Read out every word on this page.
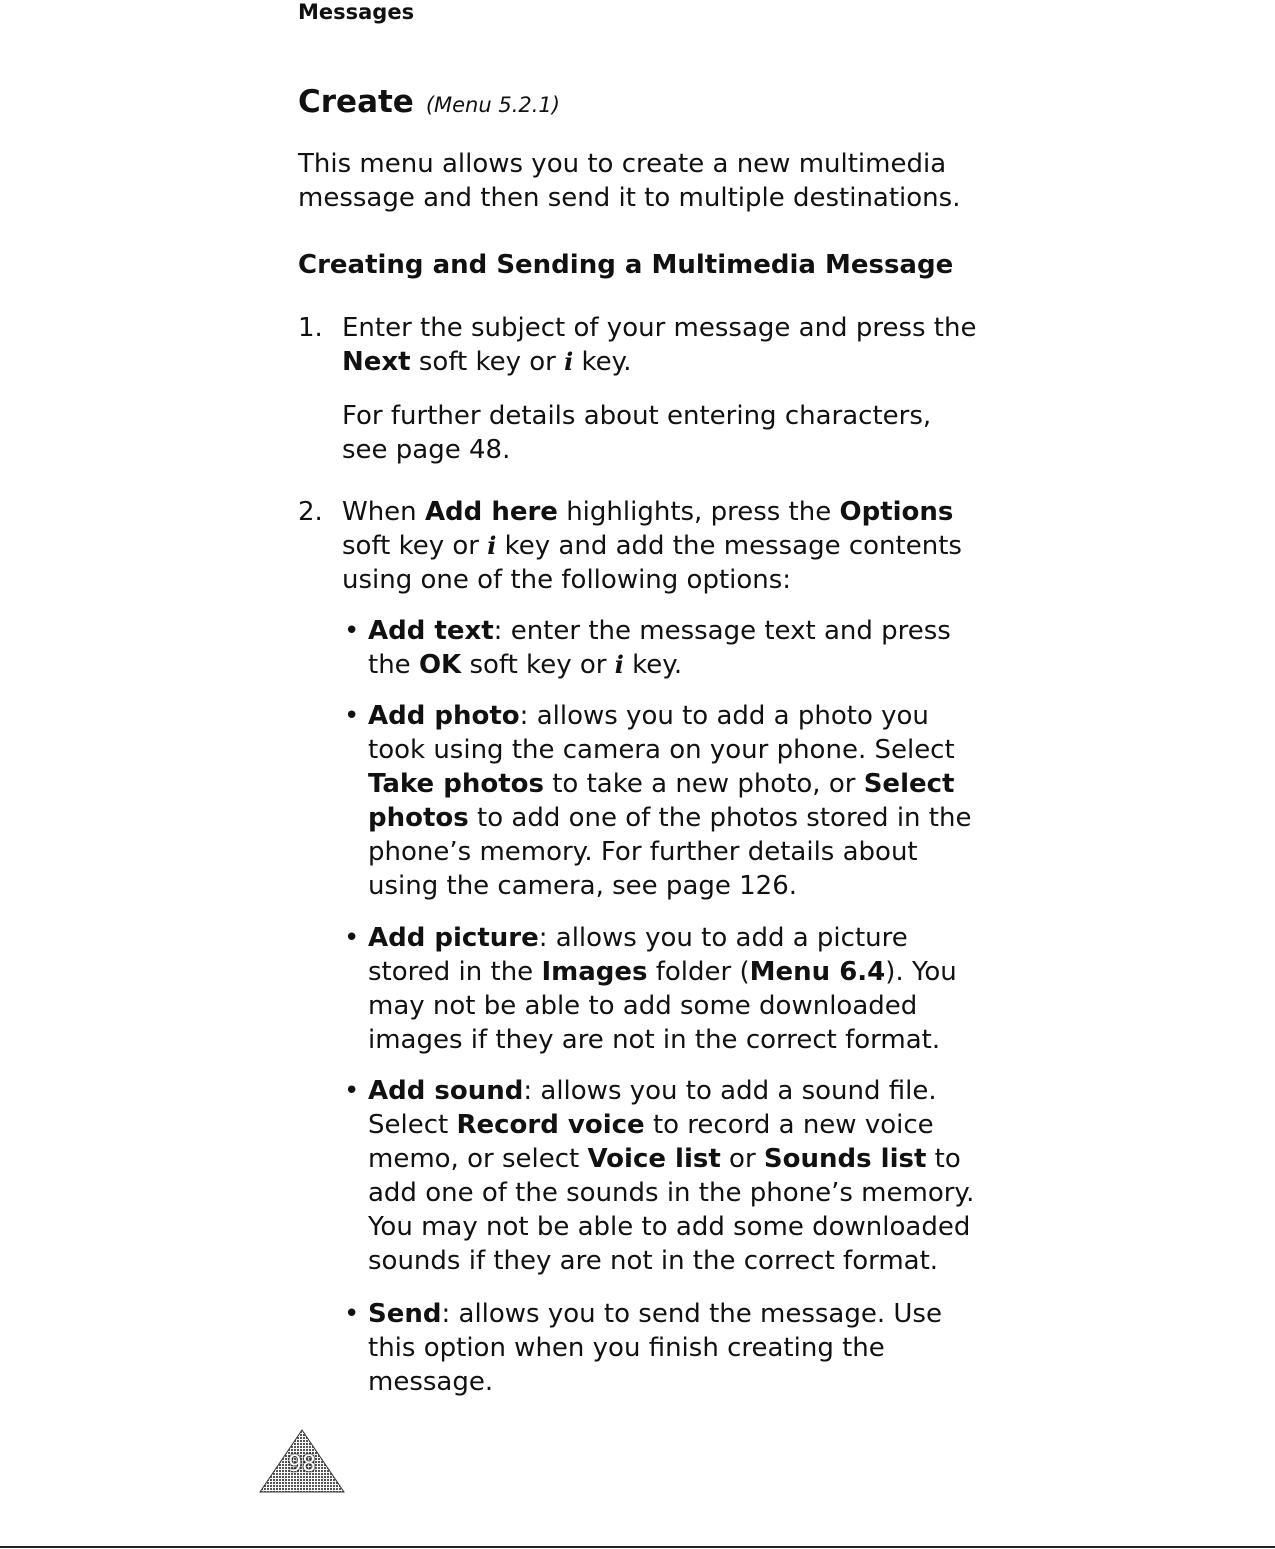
Messages
Create (Menu 5.2.1)
This menu allows you to create a new multimedia
message and then send it to multiple destinations.
Creating and Sending a Multimedia Message
1. Enter the subject of your message and press the
Next soft key or i key.
For further details about entering characters,
see page 48.
2. When Add here highlights, press the Options
soft key or i key and add the message contents
using one of the following options:
• Add text: enter the message text and press
the OK soft key or i key.
• Add photo: allows you to add a photo you
took using the camera on your phone. Select
Take photos to take a new photo, or Select
photos to add one of the photos stored in the
phone’s memory. For further details about
using the camera, see page 126.
• Add picture: allows you to add a picture
stored in the Images folder (Menu 6.4). You
may not be able to add some downloaded
images if they are not in the correct format.
• Add sound: allows you to add a sound file.
Select Record voice to record a new voice
memo, or select Voice list or Sounds list to
add one of the sounds in the phone’s memory.
You may not be able to add some downloaded
sounds if they are not in the correct format.
• Send: allows you to send the message. Use
this option when you finish creating the
message.
98
